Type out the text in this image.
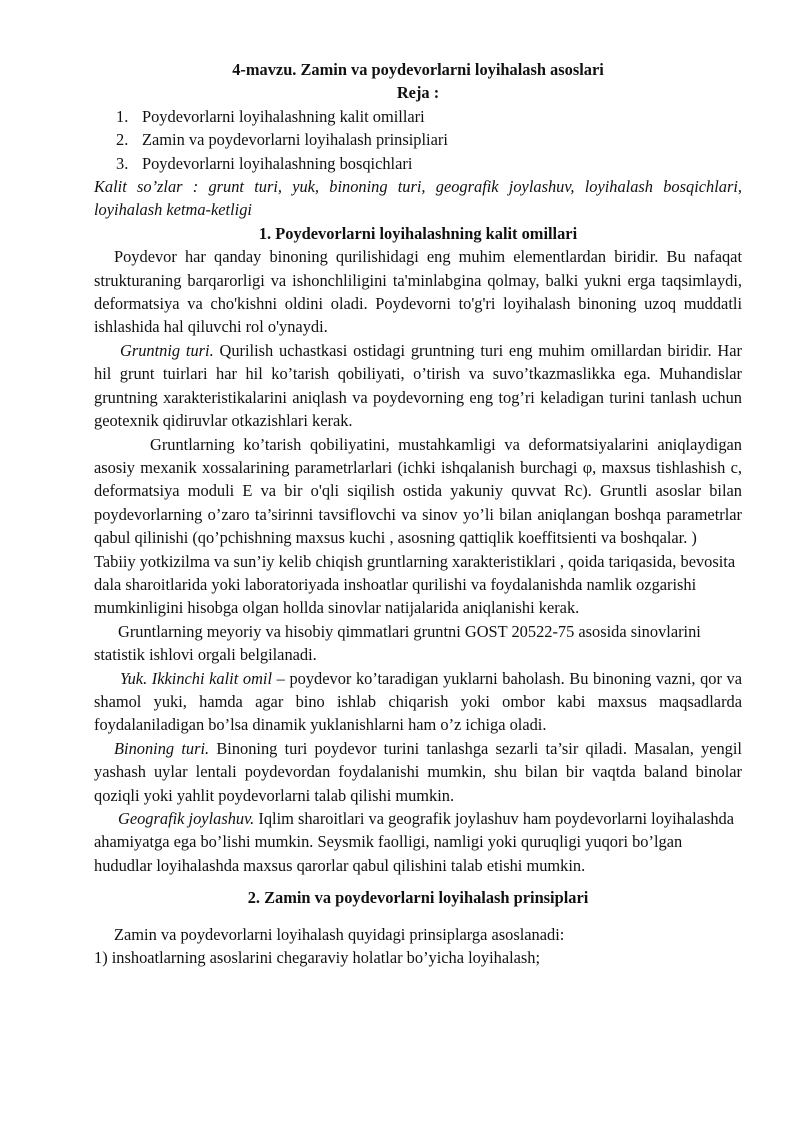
4-mavzu. Zamin va poydevorlarni loyihalash asoslari
Reja :
1. Poydevorlarni loyihalashning kalit omillari
2. Zamin va poydevorlarni loyihalash prinsipliari
3. Poydevorlarni loyihalashning bosqichlari

Kalit so’zlar : grunt turi, yuk, binoning turi, geografik joylashuv, loyihalash bosqichlari, loyihalash ketma-ketligi

1. Poydevorlarni loyihalashning kalit omillari

Poydevor har qanday binoning qurilishidagi eng muhim elementlardan biridir. Bu nafaqat strukturaning barqarorligi va ishonchliligini ta'minlabgina qolmay, balki yukni erga taqsimlaydi, deformatsiya va cho'kishni oldini oladi. Poydevorni to'g'ri loyihalash binoning uzoq muddatli ishlashida hal qiluvchi rol o'ynaydi.

Gruntnig turi. Qurilish uchastkasi ostidagi gruntning turi eng muhim omillardan biridir. Har hil grunt tuirlari har hil ko’tarish qobiliyati, o’tirish va suvo’tkazmaslikka ega. Muhandislar gruntning xarakteristikalarini aniqlash va poydevorning eng tog’ri keladigan turini tanlash uchun geotexnik qidiruvlar otkazishlari kerak.

Gruntlarning ko’tarish qobiliyatini, mustahkamligi va deformatsiyalarini aniqlaydigan asosiy mexanik xossalarining parametrlarlari (ichki ishqalanish burchagi φ, maxsus tishlashish c, deformatsiya moduli E va bir o'qli siqilish ostida yakuniy quvvat Rc). Gruntli asoslar bilan poydevorlarning o’zaro ta’sirinni tavsiflovchi va sinov yo’li bilan aniqlangan boshqa parametrlar qabul qilinishi (qo’pchishning maxsus kuchi , asosning qattiqlik koeffitsienti va boshqalar. )

Tabiiy yotkizilma va sun’iy kelib chiqish gruntlarning xarakteristiklari , qoida tariqasida, bevosita dala sharoitlarida yoki laboratoriyada inshoatlar qurilishi va foydalanishda namlik ozgarishi mumkinligini hisobga olgan hollda sinovlar natijalarida aniqlanishi kerak.

Gruntlarning meyoriy va hisobiy qimmatlari gruntni GOST 20522-75 asosida sinovlarini statistik ishlovi orgali belgilanadi.

Yuk. Ikkinchi kalit omil – poydevor ko’taradigan yuklarni baholash. Bu binoning vazni, qor va shamol yuki, hamda agar bino ishlab chiqarish yoki ombor kabi maxsus maqsadlarda foydalaniladigan bo’lsa dinamik yuklanishlarni ham o’z ichiga oladi.

Binoning turi. Binoning turi poydevor turini tanlashga sezarli ta’sir qiladi. Masalan, yengil yashash uylar lentali poydevordan foydalanishi mumkin, shu bilan bir vaqtda baland binolar qoziqli yoki yahlit poydevorlarni talab qilishi mumkin.

Geografik joylashuv. Iqlim sharoitlari va geografik joylashuv ham poydevorlarni loyihalashda ahamiyatga ega bo’lishi mumkin. Seysmik faolligi, namligi yoki quruqligi yuqori bo’lgan hududlar loyihalashda maxsus qarorlar qabul qilishini talab etishi mumkin.

2. Zamin va poydevorlarni loyihalash prinsiplari

Zamin va poydevorlarni loyihalash quyidagi prinsiplarga asoslanadi:

1) inshoatlarning asoslarini chegaraviy holatlar bo’yicha loyihalash;
